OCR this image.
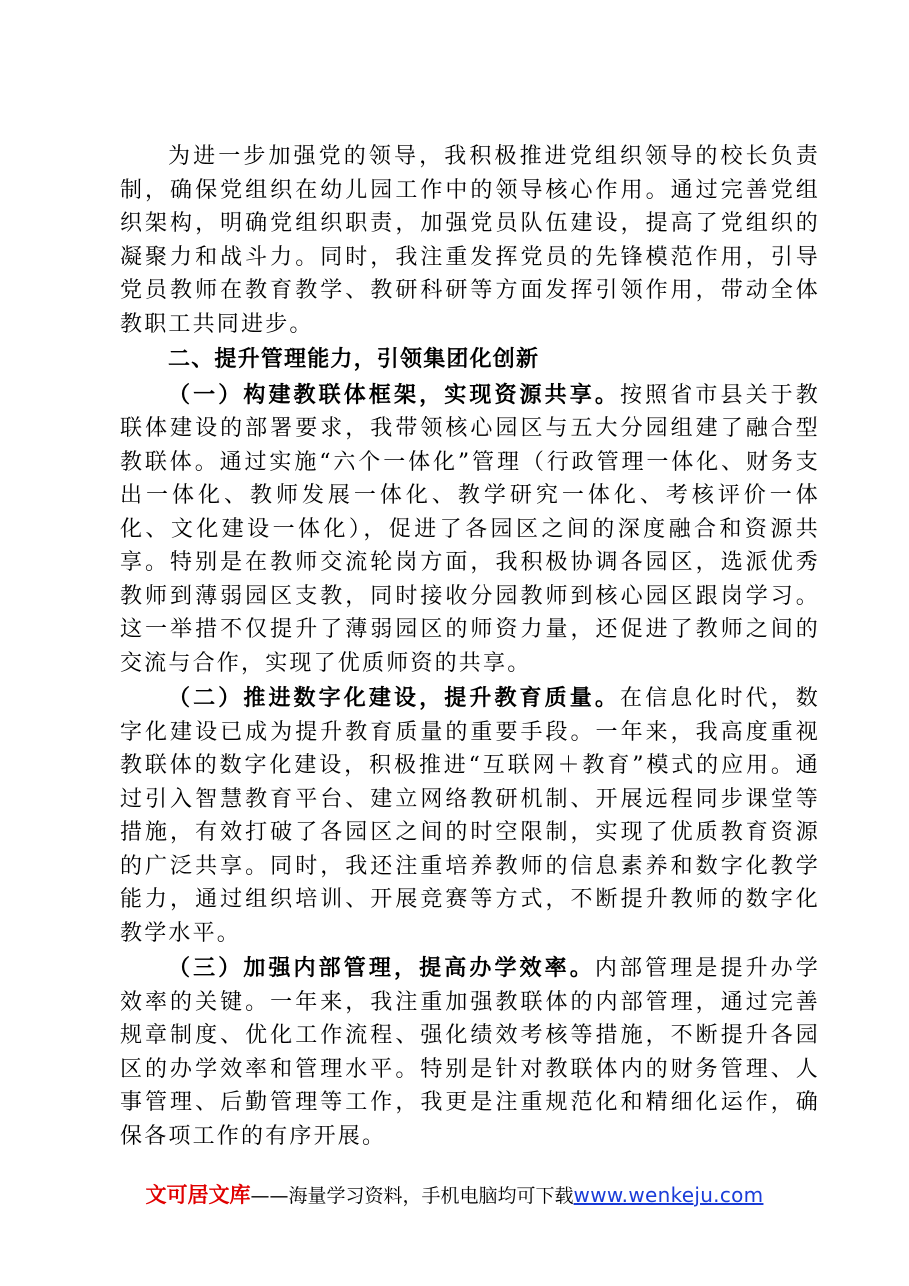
为进一步加强党的领导，我积极推进党组织领导的校长负责制，确保党组织在幼儿园工作中的领导核心作用。通过完善党组织架构，明确党组织职责，加强党员队伍建设，提高了党组织的凝聚力和战斗力。同时，我注重发挥党员的先锋模范作用，引导党员教师在教育教学、教研科研等方面发挥引领作用，带动全体教职工共同进步。

二、提升管理能力，引领集团化创新

（一）构建教联体框架，实现资源共享。按照省市县关于教联体建设的部署要求，我带领核心园区与五大分园组建了融合型教联体。通过实施“六个一体化”管理（行政管理一体化、财务支出一体化、教师发展一体化、教学研究一体化、考核评价一体化、文化建设一体化），促进了各园区之间的深度融合和资源共享。特别是在教师交流轮岗方面，我积极协调各园区，选派优秀教师到薄弱园区支教，同时接收分园教师到核心园区跟岗学习。这一举措不仅提升了薄弱园区的师资力量，还促进了教师之间的交流与合作，实现了优质师资的共享。

（二）推进数字化建设，提升教育质量。在信息化时代，数字化建设已成为提升教育质量的重要手段。一年来，我高度重视教联体的数字化建设，积极推进“互联网＋教育”模式的应用。通过引入智慧教育平台、建立网络教研机制、开展远程同步课堂等措施，有效打破了各园区之间的时空限制，实现了优质教育资源的广泛共享。同时，我还注重培养教师的信息素养和数字化教学能力，通过组织培训、开展竞赛等方式，不断提升教师的数字化教学水平。

（三）加强内部管理，提高办学效率。内部管理是提升办学效率的关键。一年来，我注重加强教联体的内部管理，通过完善规章制度、优化工作流程、强化绩效考核等措施，不断提升各园区的办学效率和管理水平。特别是针对教联体内的财务管理、人事管理、后勤管理等工作，我更是注重规范化和精细化运作，确保各项工作的有序开展。

文可居文库——海量学习资料，手机电脑均可下载www.wenkeju.com
